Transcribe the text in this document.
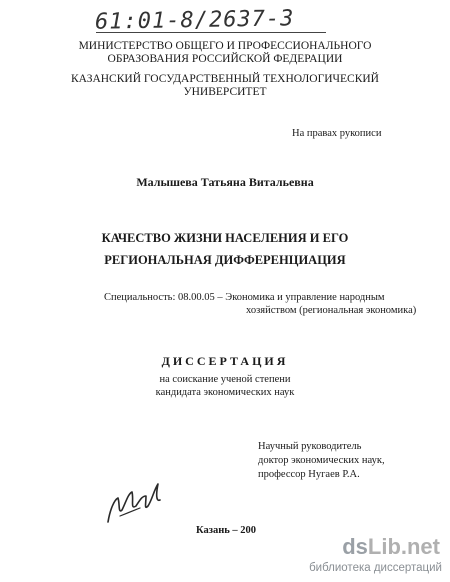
61:01-8/2637-3
МИНИСТЕРСТВО ОБЩЕГО И ПРОФЕССИОНАЛЬНОГО
ОБРАЗОВАНИЯ РОССИЙСКОЙ ФЕДЕРАЦИИ
КАЗАНСКИЙ ГОСУДАРСТВЕННЫЙ ТЕХНОЛОГИЧЕСКИЙ
УНИВЕРСИТЕТ
На правах рукописи
Малышева Татьяна Витальевна
КАЧЕСТВО ЖИЗНИ НАСЕЛЕНИЯ И ЕГО
РЕГИОНАЛЬНАЯ ДИФФЕРЕНЦИАЦИЯ
Специальность: 08.00.05 – Экономика и управление народным
хозяйством (региональная экономика)
ДИССЕРТАЦИЯ
на соискание ученой степени
кандидата экономических наук
Научный руководитель
доктор экономических наук,
профессор Нугаев Р.А.
Казань – 200
dsLib.net
библиотека диссертаций
